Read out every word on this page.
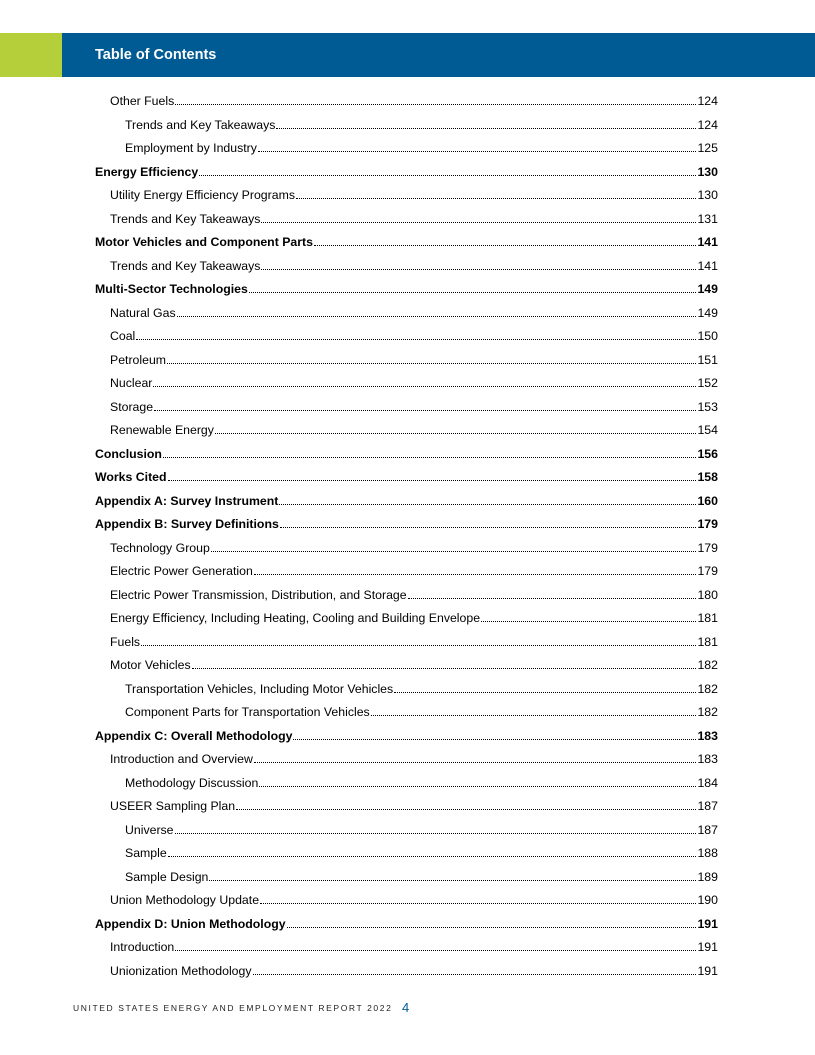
Table of Contents
Other Fuels	124
Trends and Key Takeaways	124
Employment by Industry	125
Energy Efficiency	130
Utility Energy Efficiency Programs	130
Trends and Key Takeaways	131
Motor Vehicles and Component Parts	141
Trends and Key Takeaways	141
Multi-Sector Technologies	149
Natural Gas	149
Coal	150
Petroleum	151
Nuclear	152
Storage	153
Renewable Energy	154
Conclusion	156
Works Cited	158
Appendix A: Survey Instrument	160
Appendix B: Survey Definitions	179
Technology Group	179
Electric Power Generation	179
Electric Power Transmission, Distribution, and Storage	180
Energy Efficiency, Including Heating, Cooling and Building Envelope	181
Fuels	181
Motor Vehicles	182
Transportation Vehicles, Including Motor Vehicles	182
Component Parts for Transportation Vehicles	182
Appendix C: Overall Methodology	183
Introduction and Overview	183
Methodology Discussion	184
USEER Sampling Plan	187
Universe	187
Sample	188
Sample Design	189
Union Methodology Update	190
Appendix D: Union Methodology	191
Introduction	191
Unionization Methodology	191
UNITED STATES ENERGY AND EMPLOYMENT REPORT 2022 4
